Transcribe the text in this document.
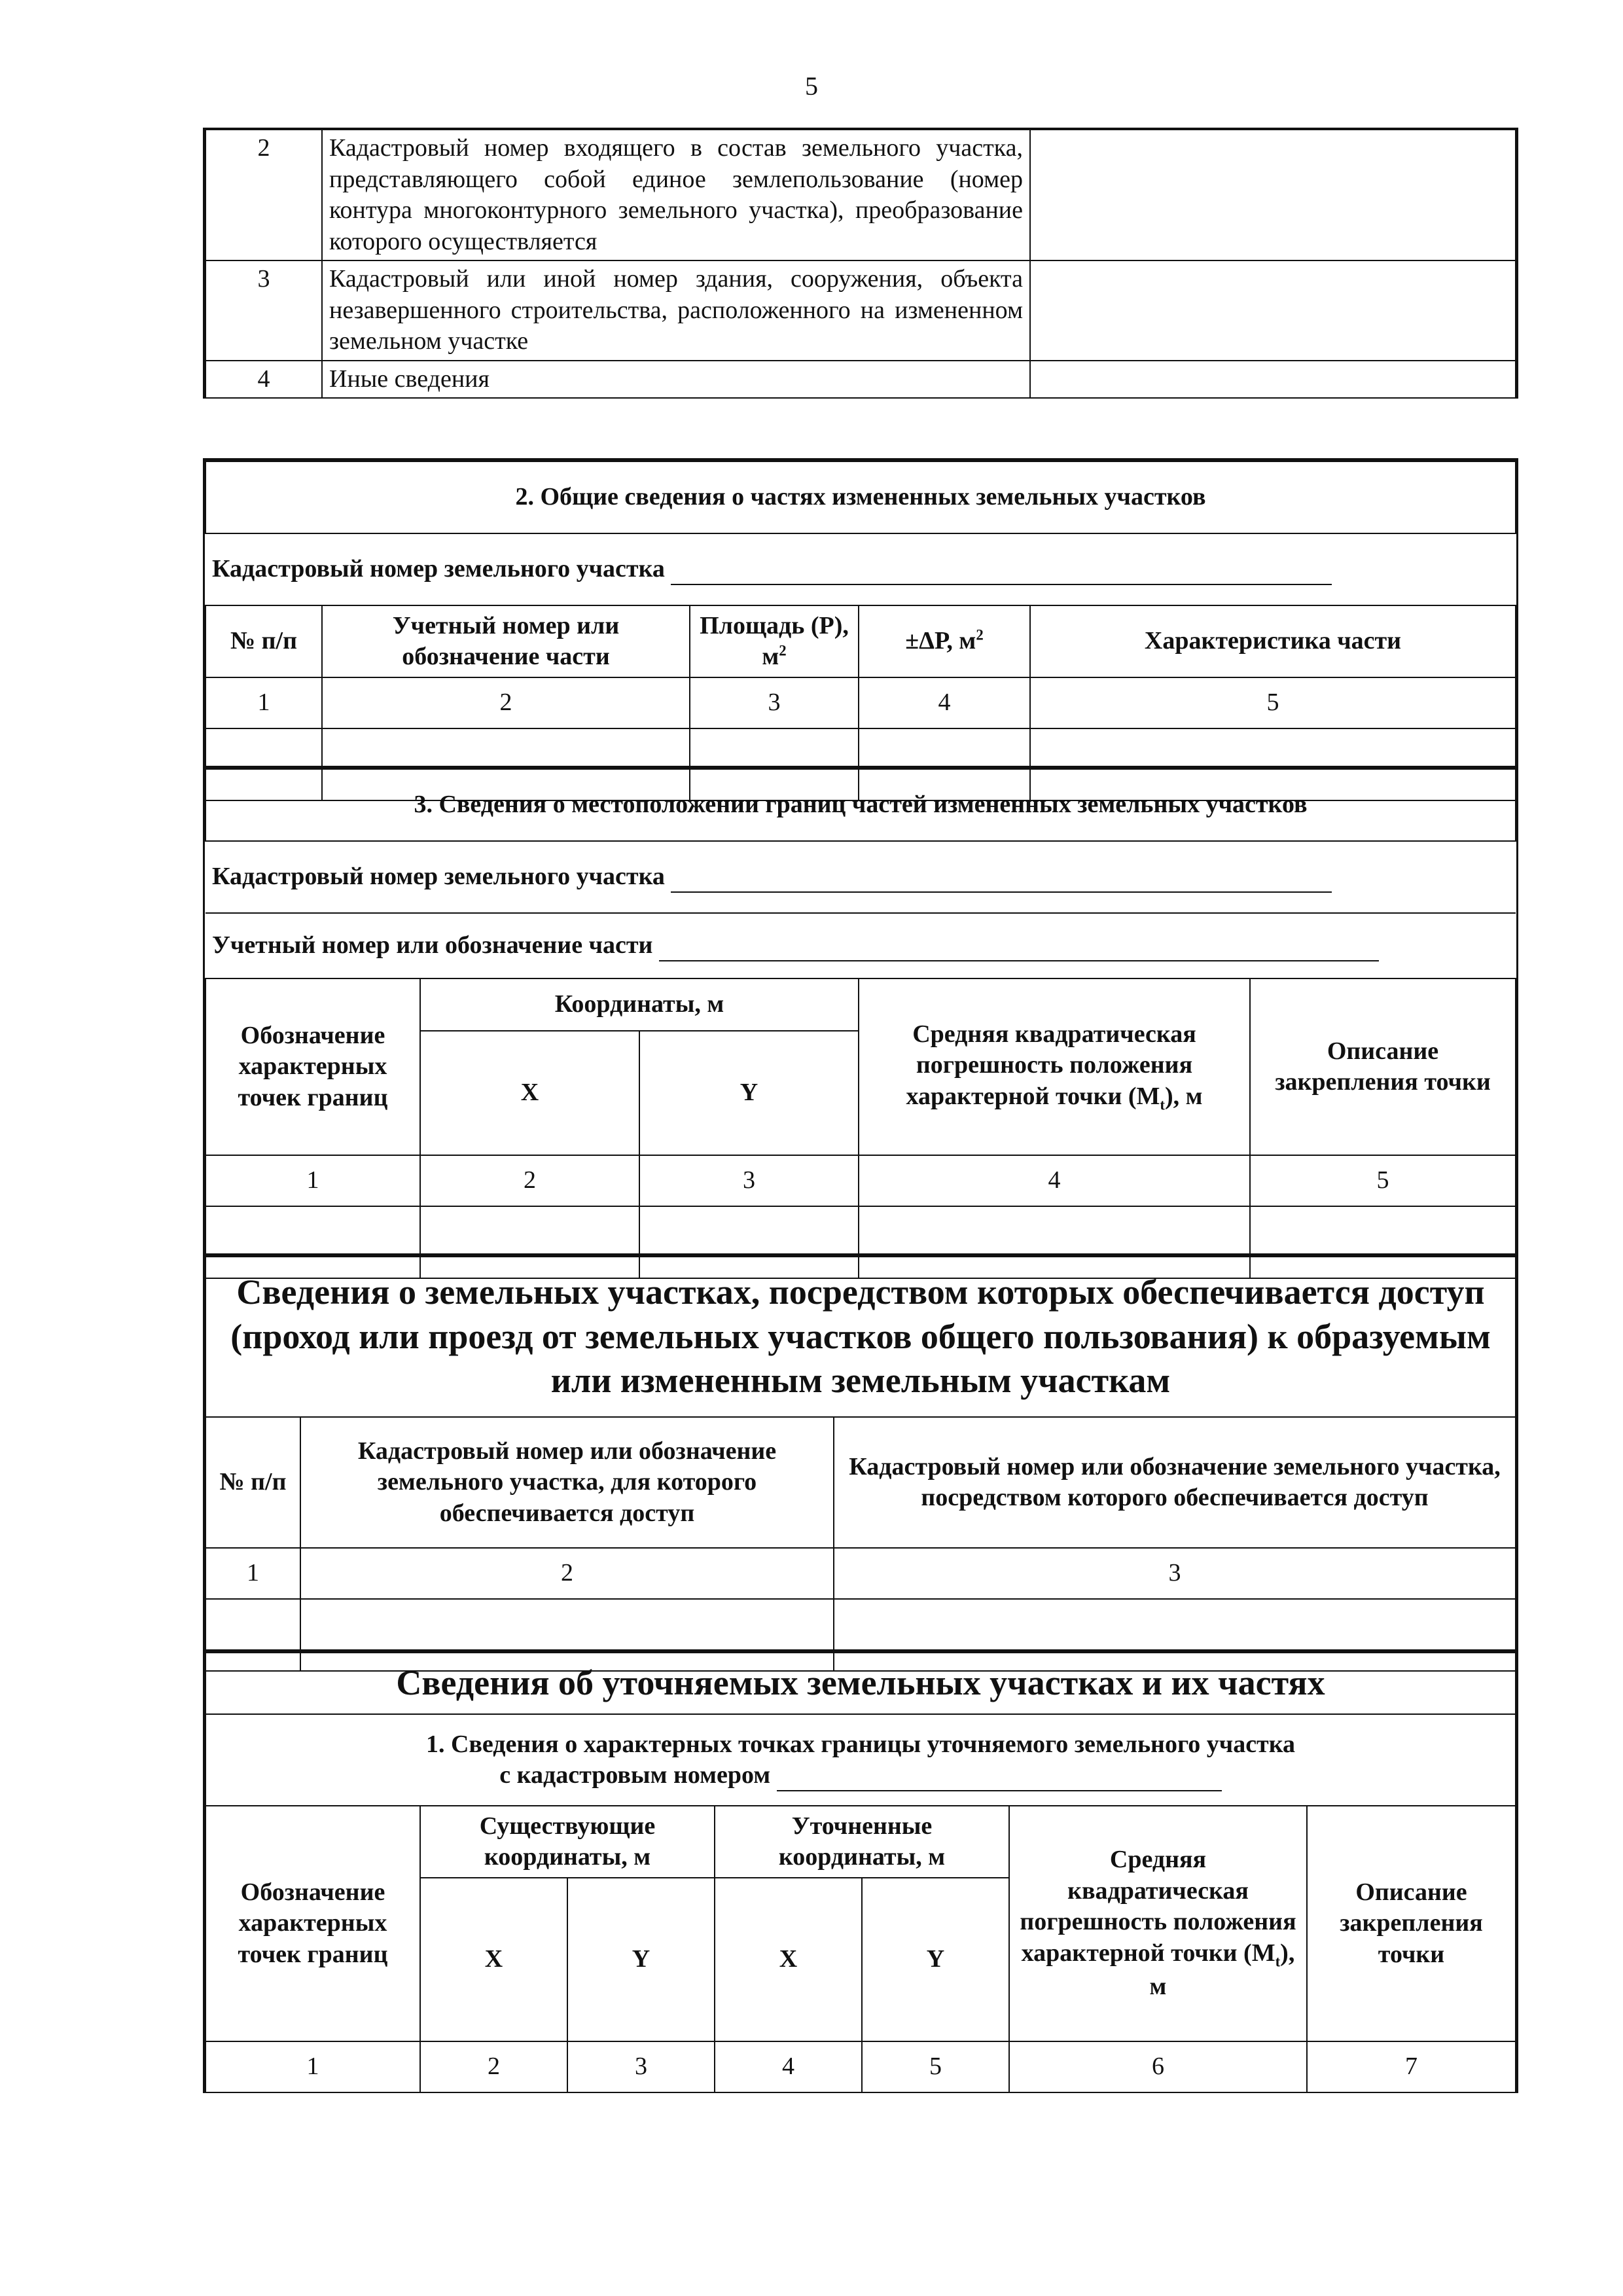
5
2	Кадастровый номер входящего в состав земельного участка, представляющего собой единое землепользование (номер контура многоконтурного земельного участка), преобразование которого осуществляется	
3	Кадастровый или иной номер здания, сооружения, объекта незавершенного строительства, расположенного на измененном земельном участке	
4	Иные сведения	
2. Общие сведения о частях измененных земельных участков				
Кадастровый номер земельного участка				
№ п/п	Учетный номер или обозначение части	Площадь (Р), $м^2$	±ΔР, $м^2$	Характеристика части
1	2	3	4	5

3. Сведения о местоположении границ частей измененных земельных участков				
Кадастровый номер земельного участка				
Учетный номер или обозначение части				
Обозначение характерных точек границ	Координаты, м		Средняя квадратическая погрешность положения характерной точки $(M_t)$, м	Описание закрепления точки
	X	Y		
1	2	3	4	5

Сведения о земельных участках, посредством которых обеспечивается доступ (проход или проезд от земельных участков общего пользования) к образуемым или измененным земельным участкам		
№ п/п	Кадастровый номер или обозначение земельного участка, для которого обеспечивается доступ	Кадастровый номер или обозначение земельного участка, посредством которого обеспечивается доступ
1	2	3

Сведения об уточняемых земельных участках и их частях						

1. Сведения о характерных точках границы уточняемого земельного участка
с кадастровым номером						

Обозначение характерных точек границ	Существующие координаты, м		Уточненные координаты, м		Средняя квадратическая погрешность положения характерной точки $(M_t)$, м	Описание закрепления точки
	X	Y	X	Y		
1	2	3	4	5	6	7
